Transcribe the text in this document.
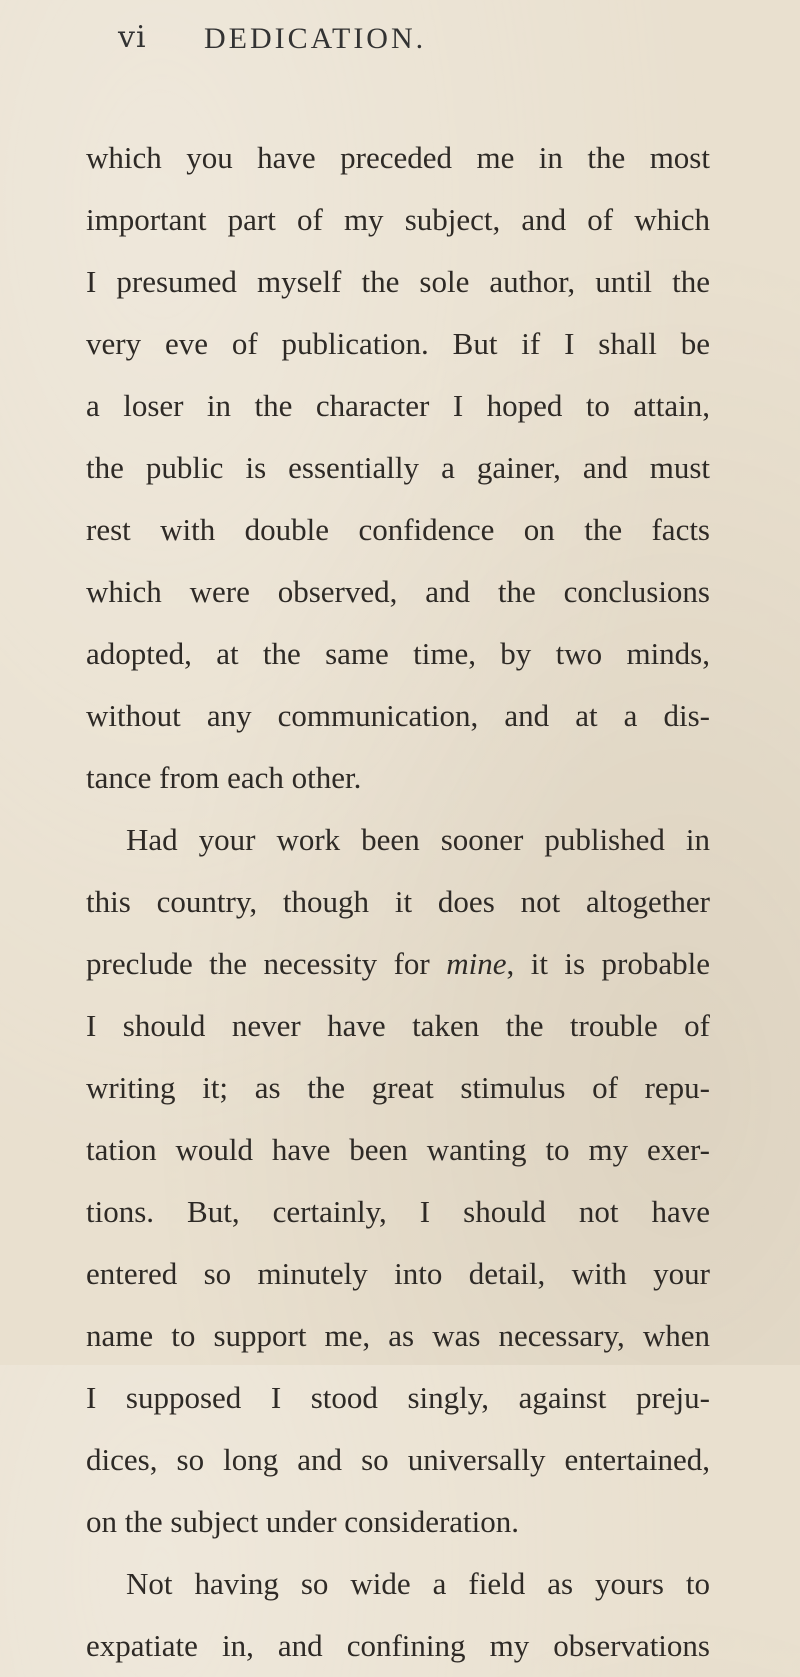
vi DEDICATION.
which you have preceded me in the most
important part of my subject, and of which
I presumed myself the sole author, until the
very eve of publication. But if I shall be
a loser in the character I hoped to attain,
the public is essentially a gainer, and must
rest with double confidence on the facts
which were observed, and the conclusions
adopted, at the same time, by two minds,
without any communication, and at a dis-
tance from each other.
Had your work been sooner published in
this country, though it does not altogether
preclude the necessity for mine, it is probable
I should never have taken the trouble of
writing it; as the great stimulus of repu-
tation would have been wanting to my exer-
tions. But, certainly, I should not have
entered so minutely into detail, with your
name to support me, as was necessary, when
I supposed I stood singly, against preju-
dices, so long and so universally entertained,
on the subject under consideration.
Not having so wide a field as yours to
expatiate in, and confining my observations
